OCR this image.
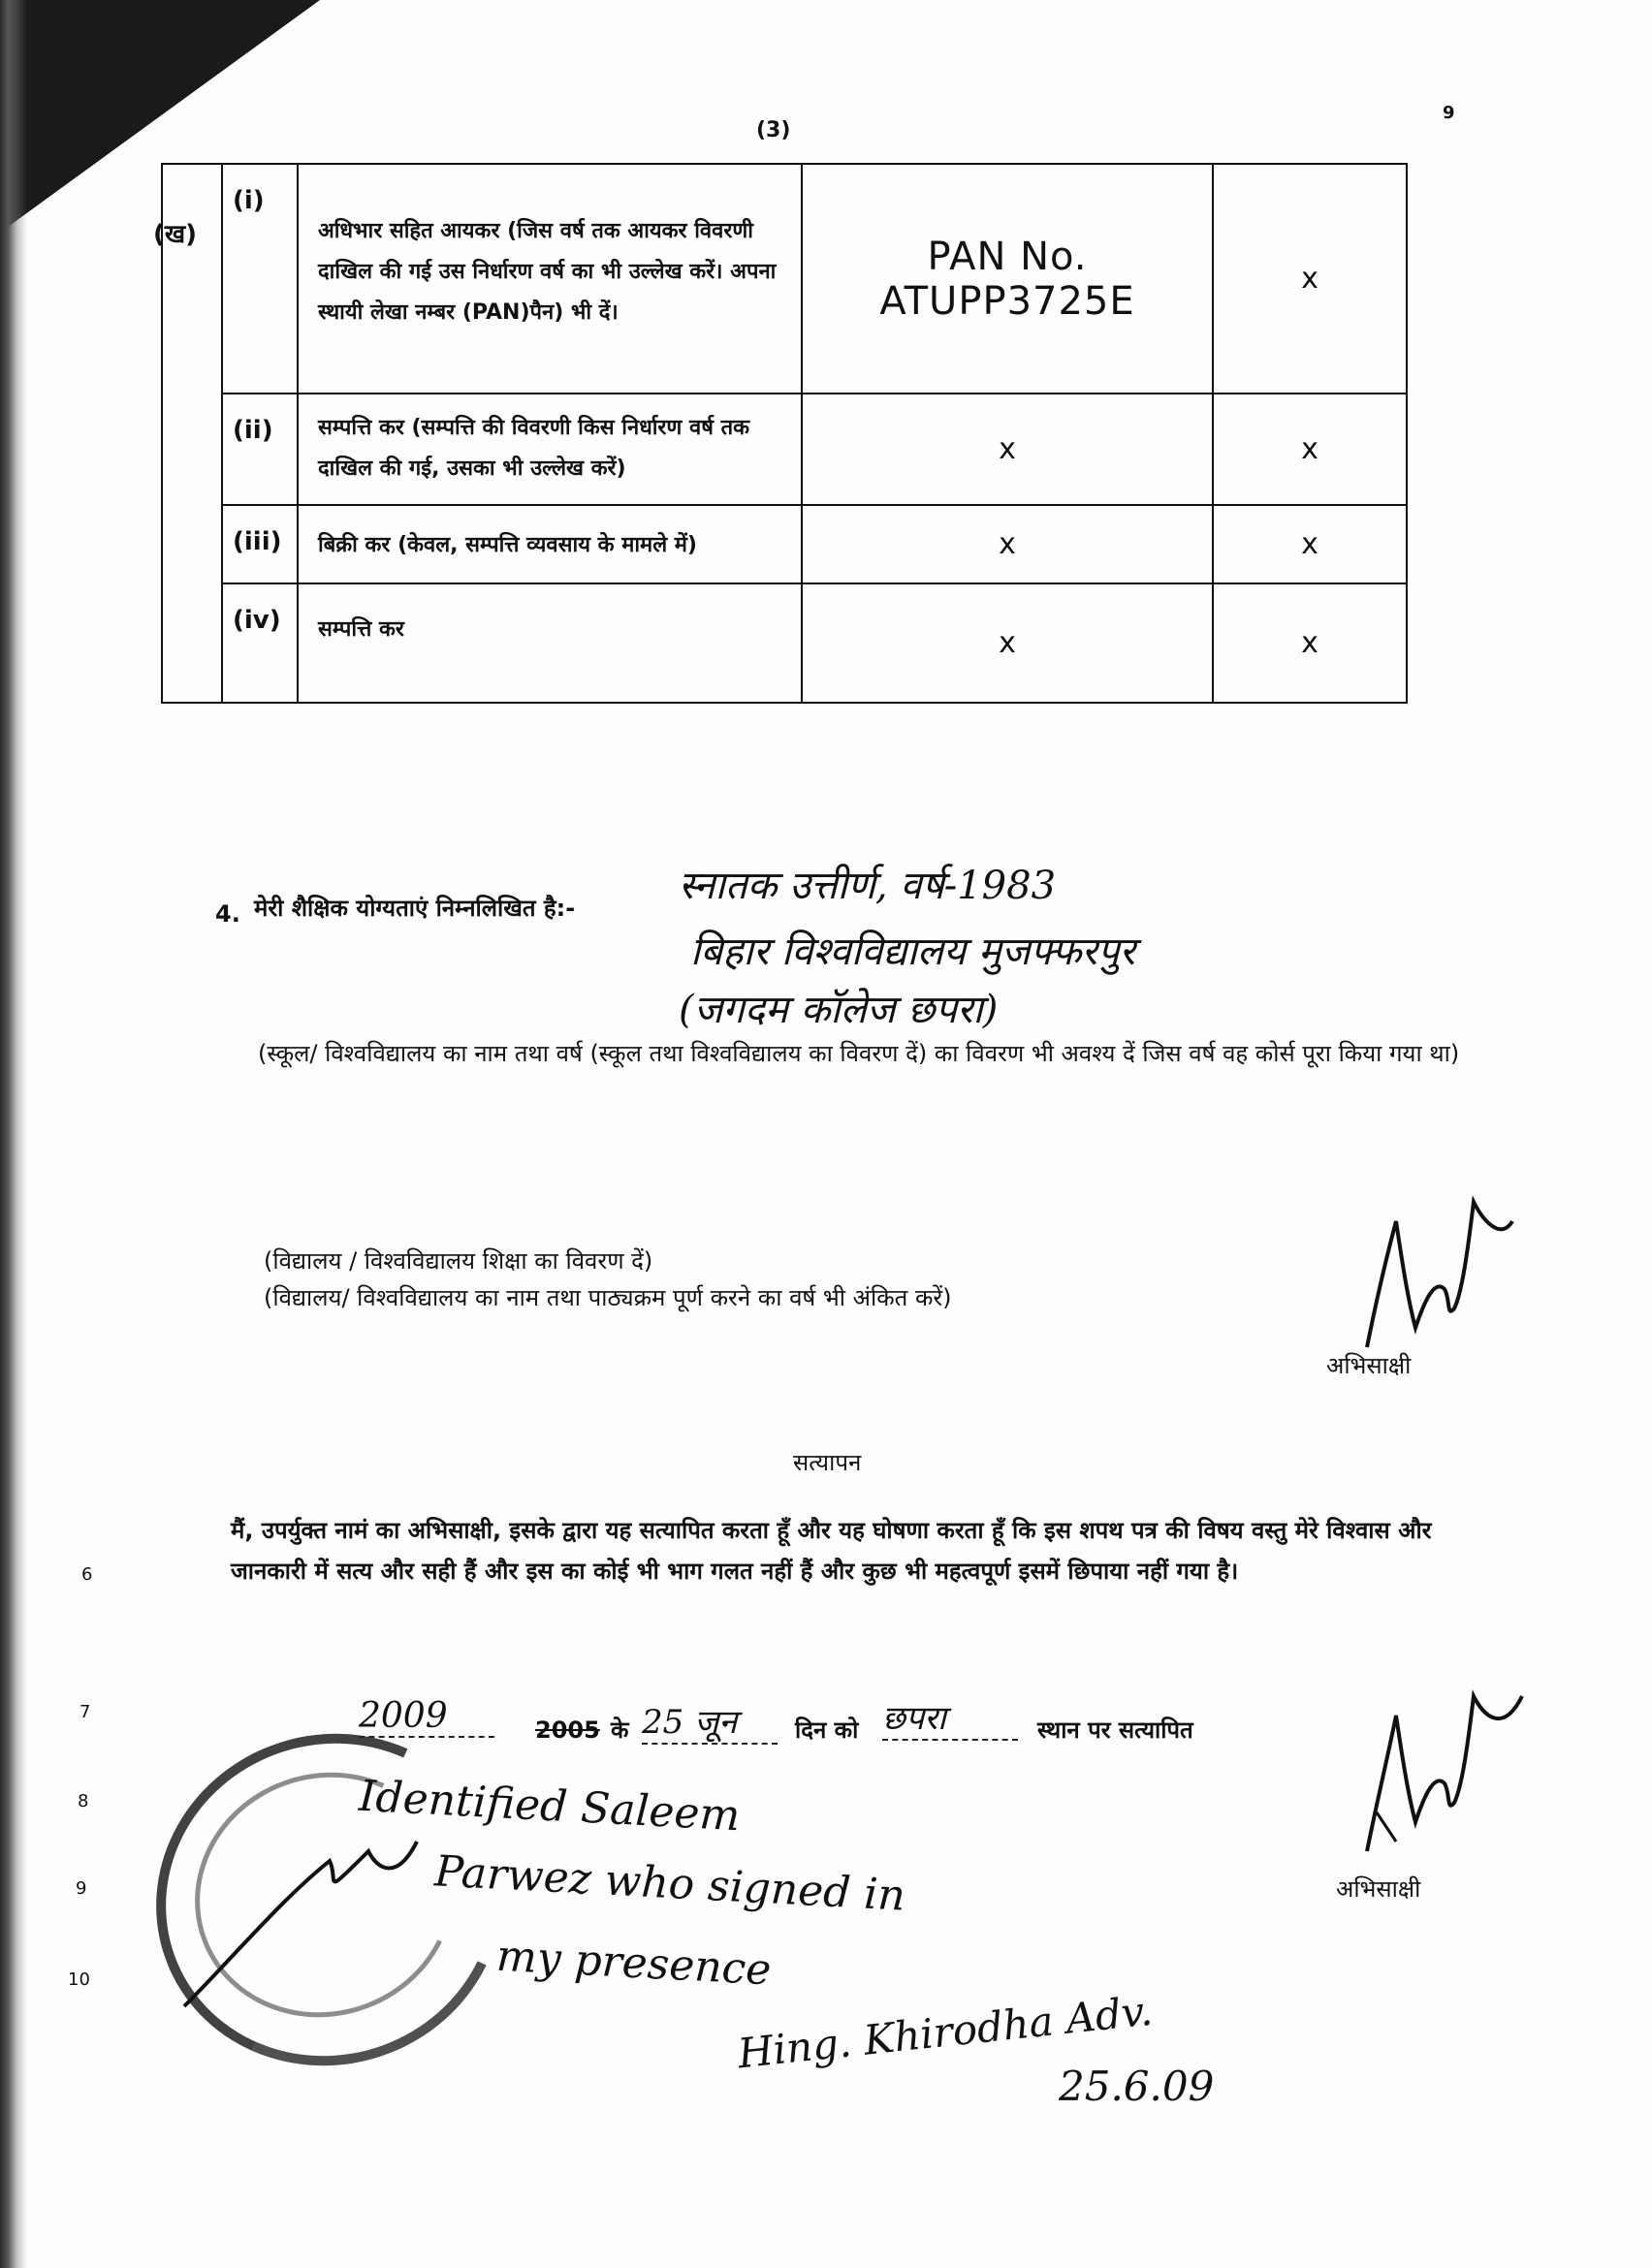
(3)
9
(ख)
	(i)	अधिभार सहित आयकर (जिस वर्ष तक आयकर विवरणी दाखिल की गई उस निर्धारण वर्ष का भी उल्लेख करें। अपना स्थायी लेखा नम्बर (PAN)पैन) भी दें।	PAN No. ATUPP3725E	x
	(ii)	सम्पत्ति कर (सम्पत्ति की विवरणी किस निर्धारण वर्ष तक दाखिल की गई, उसका भी उल्लेख करें)	x	x
	(iii)	बिक्री कर (केवल, सम्पत्ति व्यवसाय के मामले में)	x	x
	(iv)	सम्पत्ति कर	x	x
4. मेरी शैक्षिक योग्यताएं निम्नलिखित है:-	स्नातक उत्तीर्ण, वर्ष-1983
बिहार विश्वविद्यालय मुजफ्फरपुर
(जगदम कॉलेज छपरा)
(स्कूल/ विश्वविद्यालय का नाम तथा वर्ष (स्कूल तथा विश्वविद्यालय का विवरण दें) का विवरण भी अवश्य दें जिस वर्ष वह कोर्स पूरा किया गया था)
(विद्यालय / विश्वविद्यालय शिक्षा का विवरण दें)
(विद्यालय/ विश्वविद्यालय का नाम तथा पाठ्यक्रम पूर्ण करने का वर्ष भी अंकित करें)
अभिसाक्षी
सत्यापन
मैं, उपर्युक्त नामं का अभिसाक्षी, इसके द्वारा यह सत्यापित करता हूँ और यह घोषणा करता हूँ कि इस शपथ पत्र की विषय वस्तु मेरे विश्वास और जानकारी में सत्य और सही हैं और इस का कोई भी भाग गलत नहीं हैं और कुछ भी महत्वपूर्ण इसमें छिपाया नहीं गया है।
2009	2005 के 25 जून	दिन को छपरा	स्थान पर सत्यापित
अभिसाक्षी
Identified Saleem
Parwez who signed in
my presence
Hing. Khirodha Adv.
25.6.09
6
7
8
9
10
